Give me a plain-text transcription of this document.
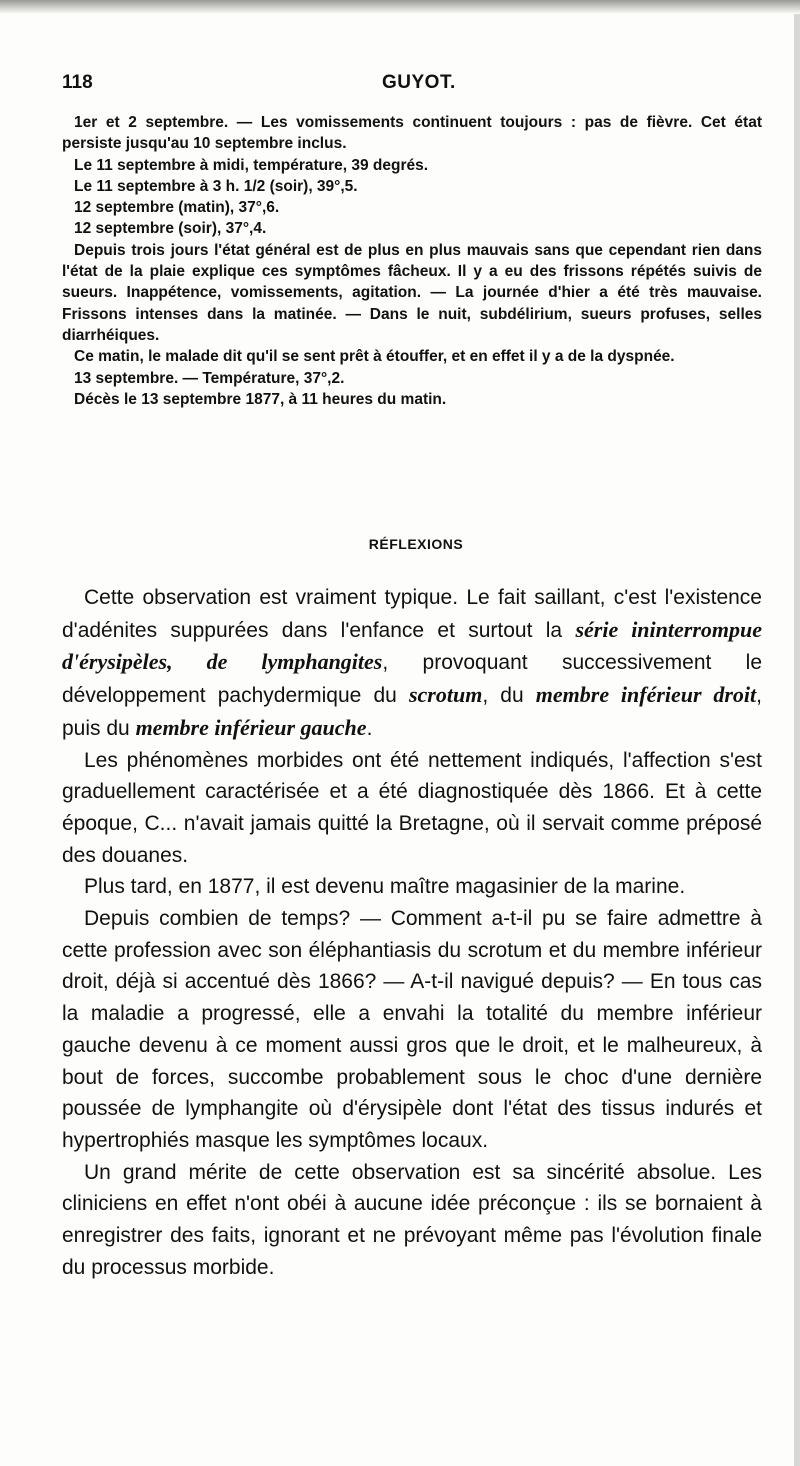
118	GUYOT.

1er et 2 septembre. — Les vomissements continuent toujours : pas de fièvre. Cet état persiste jusqu'au 10 septembre inclus.

Le 11 septembre à midi, température, 39 degrés.

Le 11 septembre à 3 h. 1/2 (soir), 39°,5.

12 septembre (matin), 37°,6.

12 septembre (soir), 37°,4.

Depuis trois jours l'état général est de plus en plus mauvais sans que cependant rien dans l'état de la plaie explique ces symptômes fâcheux. Il y a eu des frissons répétés suivis de sueurs. Inappétence, vomissements, agitation. — La journée d'hier a été très mauvaise. Frissons intenses dans la matinée. — Dans le nuit, subdélirium, sueurs profuses, selles diarrhéiques.

Ce matin, le malade dit qu'il se sent prêt à étouffer, et en effet il y a de la dyspnée.

13 septembre. — Température, 37°,2.

Décès le 13 septembre 1877, à 11 heures du matin.

RÉFLEXIONS

Cette observation est vraiment typique. Le fait saillant, c'est l'existence d'adénites suppurées dans l'enfance et surtout la série ininterrompue d'érysipèles, de lymphangites, provoquant successivement le développement pachydermique du scrotum, du membre inférieur droit, puis du membre inférieur gauche.

Les phénomènes morbides ont été nettement indiqués, l'affection s'est graduellement caractérisée et a été diagnostiquée dès 1866. Et à cette époque, C... n'avait jamais quitté la Bretagne, où il servait comme préposé des douanes.

Plus tard, en 1877, il est devenu maître magasinier de la marine.

Depuis combien de temps? — Comment a-t-il pu se faire admettre à cette profession avec son éléphantiasis du scrotum et du membre inférieur droit, déjà si accentué dès 1866? — A-t-il navigué depuis? — En tous cas la maladie a progressé, elle a envahi la totalité du membre inférieur gauche devenu à ce moment aussi gros que le droit, et le malheureux, à bout de forces, succombe probablement sous le choc d'une dernière poussée de lymphangite où d'érysipèle dont l'état des tissus indurés et hypertrophiés masque les symptômes locaux.

Un grand mérite de cette observation est sa sincérité absolue. Les cliniciens en effet n'ont obéi à aucune idée préconçue : ils se bornaient à enregistrer des faits, ignorant et ne prévoyant même pas l'évolution finale du processus morbide.
